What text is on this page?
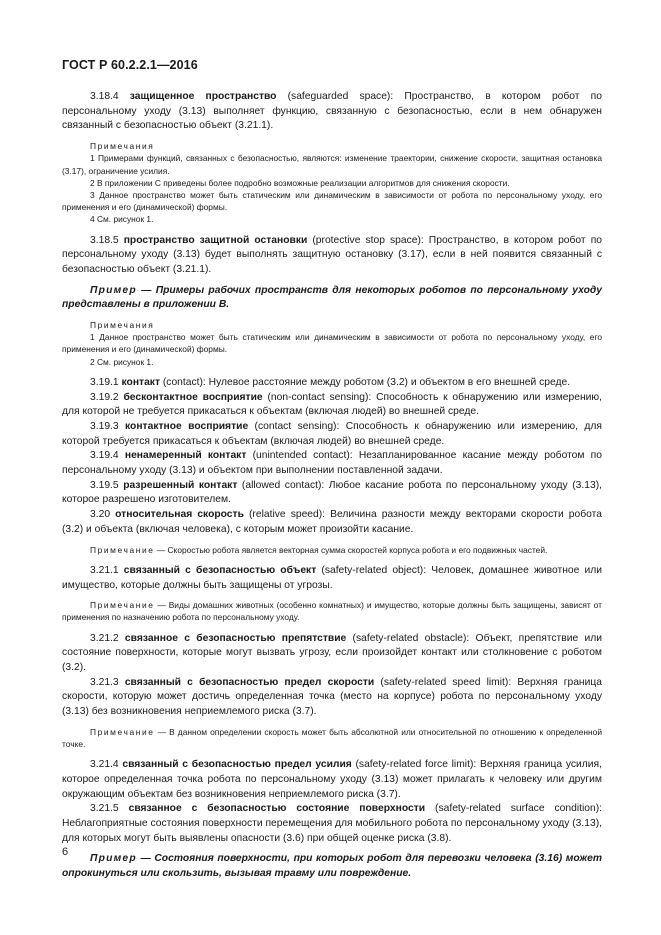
ГОСТ Р 60.2.2.1—2016

3.18.4 защищенное пространство (safeguarded space): Пространство, в котором робот по персональному уходу (3.13) выполняет функцию, связанную с безопасностью, если в нем обнаружен связанный с безопасностью объект (3.21.1).

Примечания

1 Примерами функций, связанных с безопасностью, являются: изменение траектории, снижение скорости, защитная остановка (3.17), ограничение усилия.

2 В приложении С приведены более подробно возможные реализации алгоритмов для снижения скорости.

3 Данное пространство может быть статическим или динамическим в зависимости от робота по персональному уходу, его применения и его (динамической) формы.

4 См. рисунок 1.

3.18.5 пространство защитной остановки (protective stop space): Пространство, в котором робот по персональному уходу (3.13) будет выполнять защитную остановку (3.17), если в ней появится связанный с безопасностью объект (3.21.1).

Пример — Примеры рабочих пространств для некоторых роботов по персональному уходу представлены в приложении В.

Примечания

1 Данное пространство может быть статическим или динамическим в зависимости от робота по персональному уходу, его применения и его (динамической) формы.

2 См. рисунок 1.

3.19.1 контакт (contact): Нулевое расстояние между роботом (3.2) и объектом в его внешней среде.

3.19.2 бесконтактное восприятие (non-contact sensing): Способность к обнаружению или измерению, для которой не требуется прикасаться к объектам (включая людей) во внешней среде.

3.19.3 контактное восприятие (contact sensing): Способность к обнаружению или измерению, для которой требуется прикасаться к объектам (включая людей) во внешней среде.

3.19.4 ненамеренный контакт (unintended contact): Незапланированное касание между роботом по персональному уходу (3.13) и объектом при выполнении поставленной задачи.

3.19.5 разрешенный контакт (allowed contact): Любое касание робота по персональному уходу (3.13), которое разрешено изготовителем.

3.20 относительная скорость (relative speed): Величина разности между векторами скорости робота (3.2) и объекта (включая человека), с которым может произойти касание.

Примечание — Скоростью робота является векторная сумма скоростей корпуса робота и его подвижных частей.

3.21.1 связанный с безопасностью объект (safety-related object): Человек, домашнее животное или имущество, которые должны быть защищены от угрозы.

Примечание — Виды домашних животных (особенно комнатных) и имущество, которые должны быть защищены, зависят от применения по назначению робота по персональному уходу.

3.21.2 связанное с безопасностью препятствие (safety-related obstacle): Объект, препятствие или состояние поверхности, которые могут вызвать угрозу, если произойдет контакт или столкновение с роботом (3.2).

3.21.3 связанный с безопасностью предел скорости (safety-related speed limit): Верхняя граница скорости, которую может достичь определенная точка (место на корпусе) робота по персональному уходу (3.13) без возникновения неприемлемого риска (3.7).

Примечание — В данном определении скорость может быть абсолютной или относительной по отношению к определенной точке.

3.21.4 связанный с безопасностью предел усилия (safety-related force limit): Верхняя граница усилия, которое определенная точка робота по персональному уходу (3.13) может прилагать к человеку или другим окружающим объектам без возникновения неприемлемого риска (3.7).

3.21.5 связанное с безопасностью состояние поверхности (safety-related surface condition): Неблагоприятные состояния поверхности перемещения для мобильного робота по персональному уходу (3.13), для которых могут быть выявлены опасности (3.6) при общей оценке риска (3.8).

Пример — Состояния поверхности, при которых робот для перевозки человека (3.16) может опрокинуться или скользить, вызывая травму или повреждение.

6
